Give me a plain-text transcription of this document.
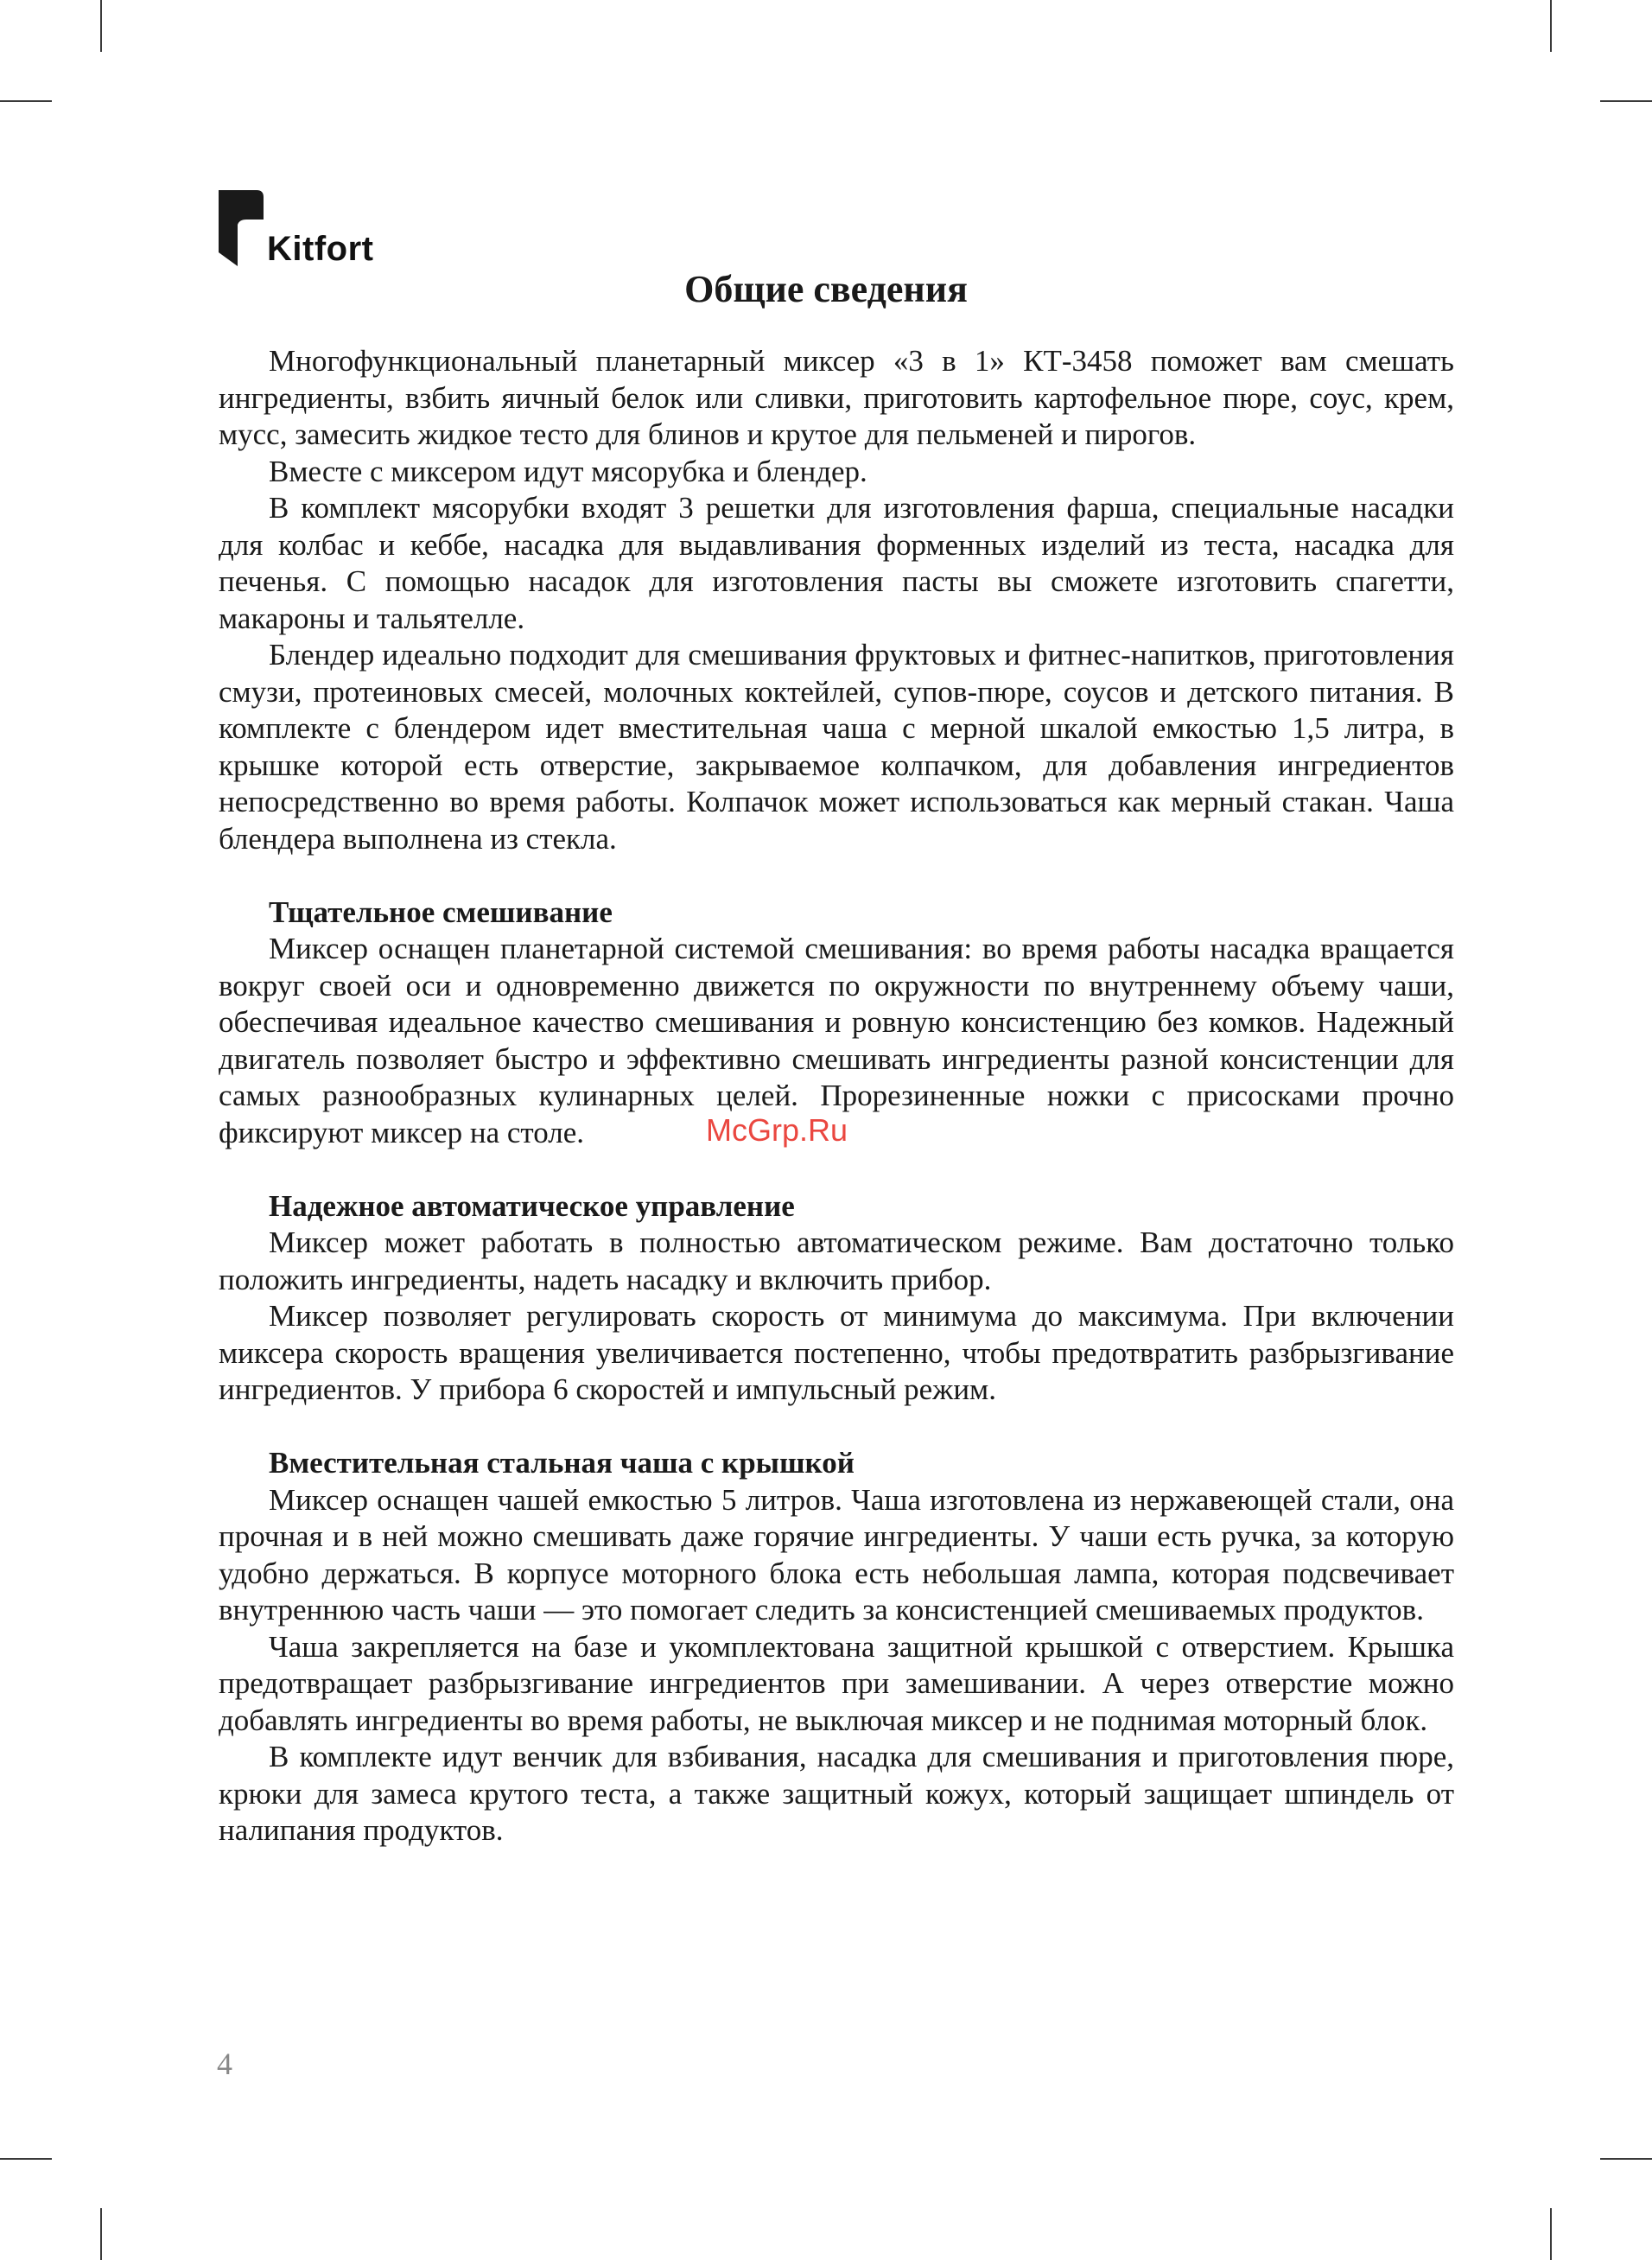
Kitfort
Общие сведения

Многофункциональный планетарный миксер «3 в 1» КТ-3458 поможет вам смешать ингредиенты, взбить яичный белок или сливки, приготовить картофельное пюре, соус, крем, мусс, замесить жидкое тесто для блинов и крутое для пельменей и пирогов.

Вместе с миксером идут мясорубка и блендер.

В комплект мясорубки входят 3 решетки для изготовления фарша, специальные насадки для колбас и кеббе, насадка для выдавливания форменных изделий из теста, насадка для печенья. С помощью насадок для изготовления пасты вы сможете изготовить спагетти, макароны и тальятелле.

Блендер идеально подходит для смешивания фруктовых и фитнес-напитков, приготовления смузи, протеиновых смесей, молочных коктейлей, супов-пюре, соусов и детского питания. В комплекте с блендером идет вместительная чаша с мерной шкалой емкостью 1,5 литра, в крышке которой есть отверстие, закрываемое колпачком, для добавления ингредиентов непосредственно во время работы. Колпачок может использоваться как мерный стакан. Чаша блендера выполнена из стекла.

Тщательное смешивание

Миксер оснащен планетарной системой смешивания: во время работы насадка вращается вокруг своей оси и одновременно движется по окружности по внутреннему объему чаши, обеспечивая идеальное качество смешивания и ровную консистенцию без комков. Надежный двигатель позволяет быстро и эффективно смешивать ингредиенты разной консистенции для самых разнообразных кулинарных целей. Прорезиненные ножки с присосками прочно фиксируют миксер на столе.

Надежное автоматическое управление

Миксер может работать в полностью автоматическом режиме. Вам достаточно только положить ингредиенты, надеть насадку и включить прибор.

Миксер позволяет регулировать скорость от минимума до максимума. При включении миксера скорость вращения увеличивается постепенно, чтобы предотвратить разбрызгивание ингредиентов. У прибора 6 скоростей и импульсный режим.

Вместительная стальная чаша с крышкой

Миксер оснащен чашей емкостью 5 литров. Чаша изготовлена из нержавеющей стали, она прочная и в ней можно смешивать даже горячие ингредиенты. У чаши есть ручка, за которую удобно держаться. В корпусе моторного блока есть небольшая лампа, которая подсвечивает внутреннюю часть чаши — это помогает следить за консистенцией смешиваемых продуктов.

Чаша закрепляется на базе и укомплектована защитной крышкой с отверстием. Крышка предотвращает разбрызгивание ингредиентов при замешивании. А через отверстие можно добавлять ингредиенты во время работы, не выключая миксер и не поднимая моторный блок.

В комплекте идут венчик для взбивания, насадка для смешивания и приготовления пюре, крюки для замеса крутого теста, а также защитный кожух, который защищает шпиндель от налипания продуктов.

McGrp.Ru
4
